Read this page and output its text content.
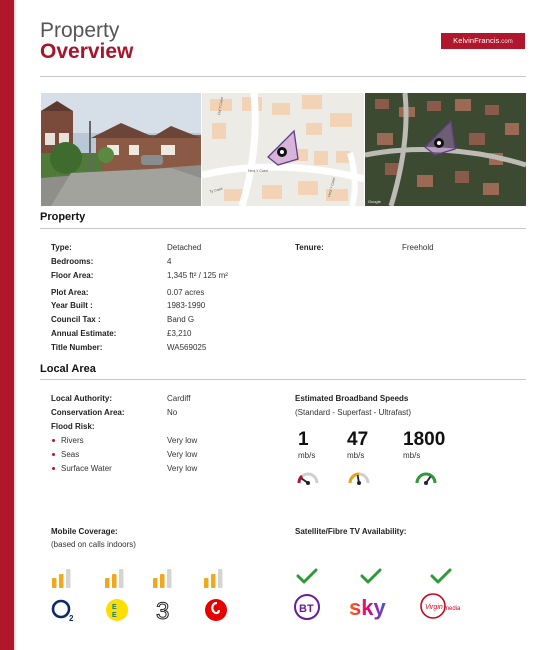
Property
Overview	KelvinFrancis.com
Dol Y Coed
Heol Y Coed
Ty Coed	Heol Y Coed
Google
Property
Type:	Detached
Bedrooms:	4
Floor Area:	1,345 ft² / 125 m²
Plot Area:	0.07 acres
Year Built :	1983-1990
Council Tax :	Band G
Annual Estimate:	£3,210
Title Number:	WA569025
Tenure:	Freehold
Local Area
Local Authority:	Cardiff
Conservation Area:	No
Flood Risk:
Rivers	Very low
Seas	Very low
Surface Water	Very low
Estimated Broadband Speeds
(Standard - Superfast - Ultrafast)
1
mb/s
47
mb/s
1800
mb/s
Mobile Coverage:
(based on calls indoors)
2
E
E 3
Satellite/Fibre TV Availability:
BT sky	Virgin media
